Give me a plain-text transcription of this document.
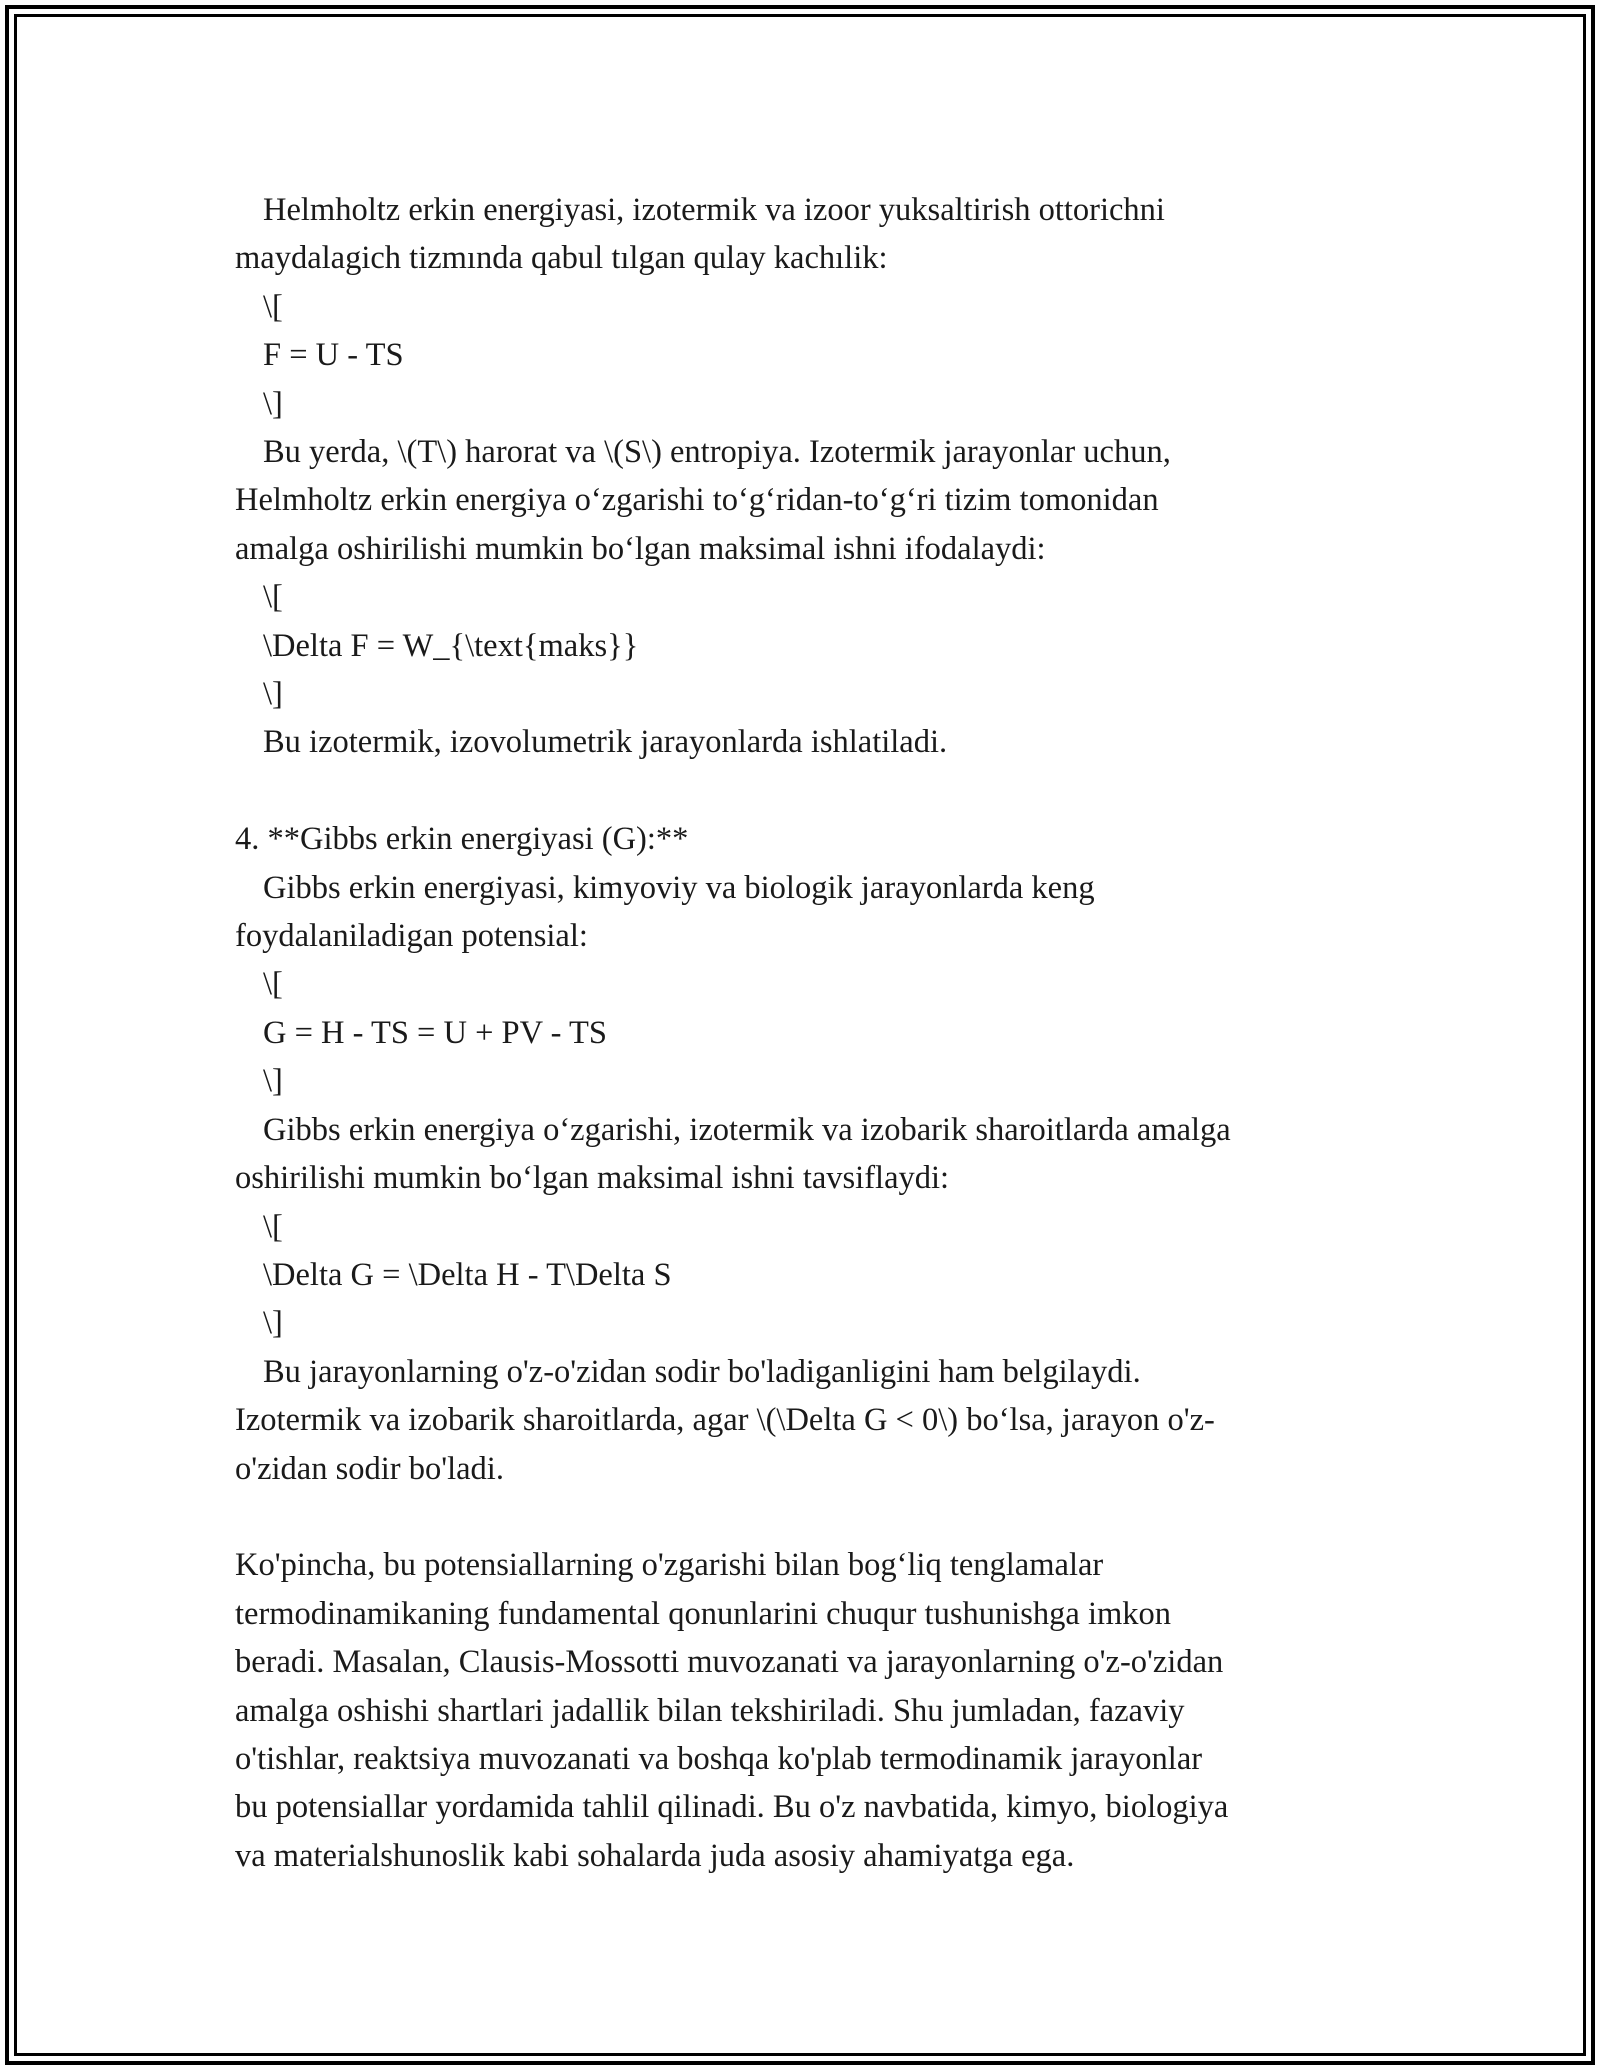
Helmholtz erkin energiyasi, izotermik va izoor yuksaltirish ottorichni

maydalagich tizmında qabul tılgan qulay kachılik:

\[

F = U - TS

\]

Bu yerda, \(T\) harorat va \(S\) entropiya. Izotermik jarayonlar uchun,

Helmholtz erkin energiya oʻzgarishi toʻgʻridan-toʻgʻri tizim tomonidan

amalga oshirilishi mumkin boʻlgan maksimal ishni ifodalaydi:

\[

\Delta F = W_{\text{maks}}

\]

Bu izotermik, izovolumetrik jarayonlarda ishlatiladi.

4. **Gibbs erkin energiyasi (G):**

Gibbs erkin energiyasi, kimyoviy va biologik jarayonlarda keng

foydalaniladigan potensial:

\[

G = H - TS = U + PV - TS

\]

Gibbs erkin energiya oʻzgarishi, izotermik va izobarik sharoitlarda amalga

oshirilishi mumkin boʻlgan maksimal ishni tavsiflaydi:

\[

\Delta G = \Delta H - T\Delta S

\]

Bu jarayonlarning o'z-o'zidan sodir bo'ladiganligini ham belgilaydi.

Izotermik va izobarik sharoitlarda, agar \(\Delta G < 0\) boʻlsa, jarayon o'z-

o'zidan sodir bo'ladi.

Ko'pincha, bu potensiallarning o'zgarishi bilan bogʻliq tenglamalar

termodinamikaning fundamental qonunlarini chuqur tushunishga imkon

beradi. Masalan, Clausis-Mossotti muvozanati va jarayonlarning o'z-o'zidan

amalga oshishi shartlari jadallik bilan tekshiriladi. Shu jumladan, fazaviy

o'tishlar, reaktsiya muvozanati va boshqa ko'plab termodinamik jarayonlar

bu potensiallar yordamida tahlil qilinadi. Bu o'z navbatida, kimyo, biologiya

va materialshunoslik kabi sohalarda juda asosiy ahamiyatga ega.
